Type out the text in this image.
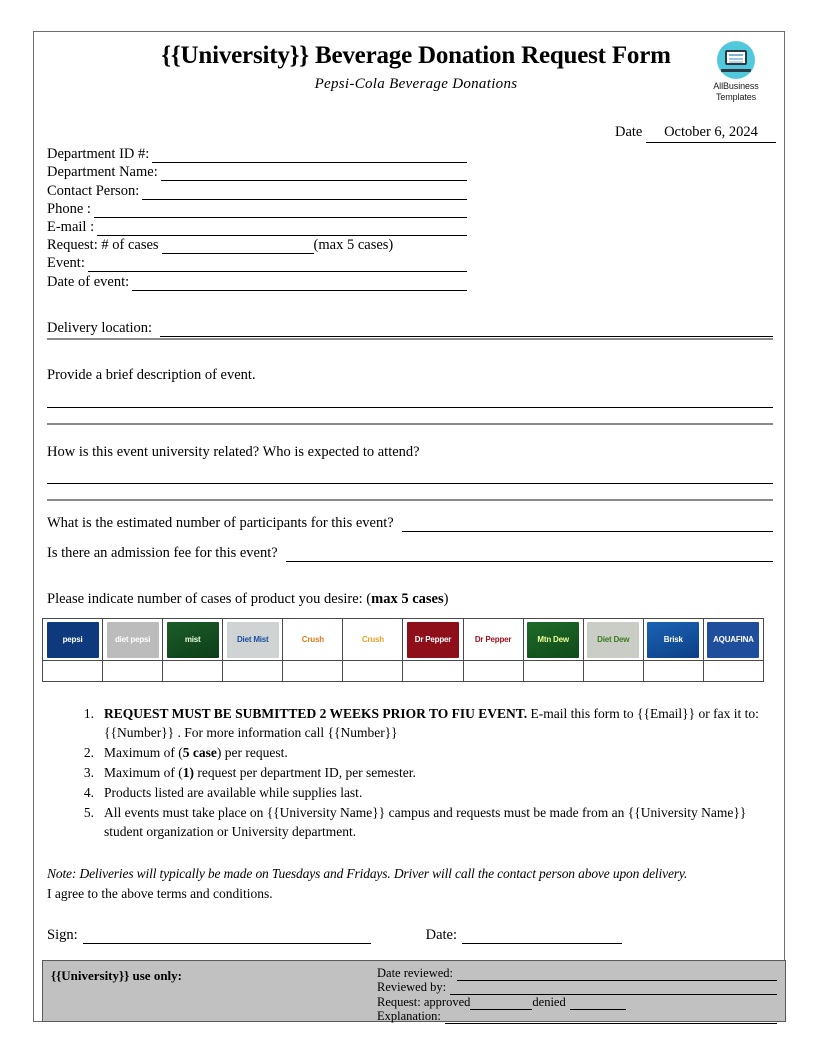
{{University}} Beverage Donation Request Form
Pepsi-Cola Beverage Donations	AllBusiness
Templates
Date October 6, 2024
Department ID #:
Department Name:
Contact Person:
Phone :
E-mail :
Request: # of cases	(max 5 cases)
Event:
Date of event:
Delivery location:
Provide a brief description of event.
How is this event university related? Who is expected to attend?
What is the estimated number of participants for this event?
Is there an admission fee for this event?
Please indicate number of cases of product you desire: (max 5 cases)
pepsi	diet pepsi	mist	Diet Mist	Crush	Crush	Dr Pepper	Dr Pepper	Mtn Dew	Diet Dew	Brisk	AQUAFINA

1. REQUEST MUST BE SUBMITTED 2 WEEKS PRIOR TO FIU EVENT. E-mail this form to {{Email}} or fax it to: {{Number}} . For more information call {{Number}}
2. Maximum of (5 case) per request.
3. Maximum of (1) request per department ID, per semester.
4. Products listed are available while supplies last.
5. All events must take place on {{University Name}} campus and requests must be made from an {{University Name}} student organization or University department.
Note: Deliveries will typically be made on Tuesdays and Fridays. Driver will call the contact person above upon delivery.
I agree to the above terms and conditions.
Sign:	Date:
{{University}} use only:	Date reviewed:
Reviewed by:
Request: approved	denied
Explanation:
